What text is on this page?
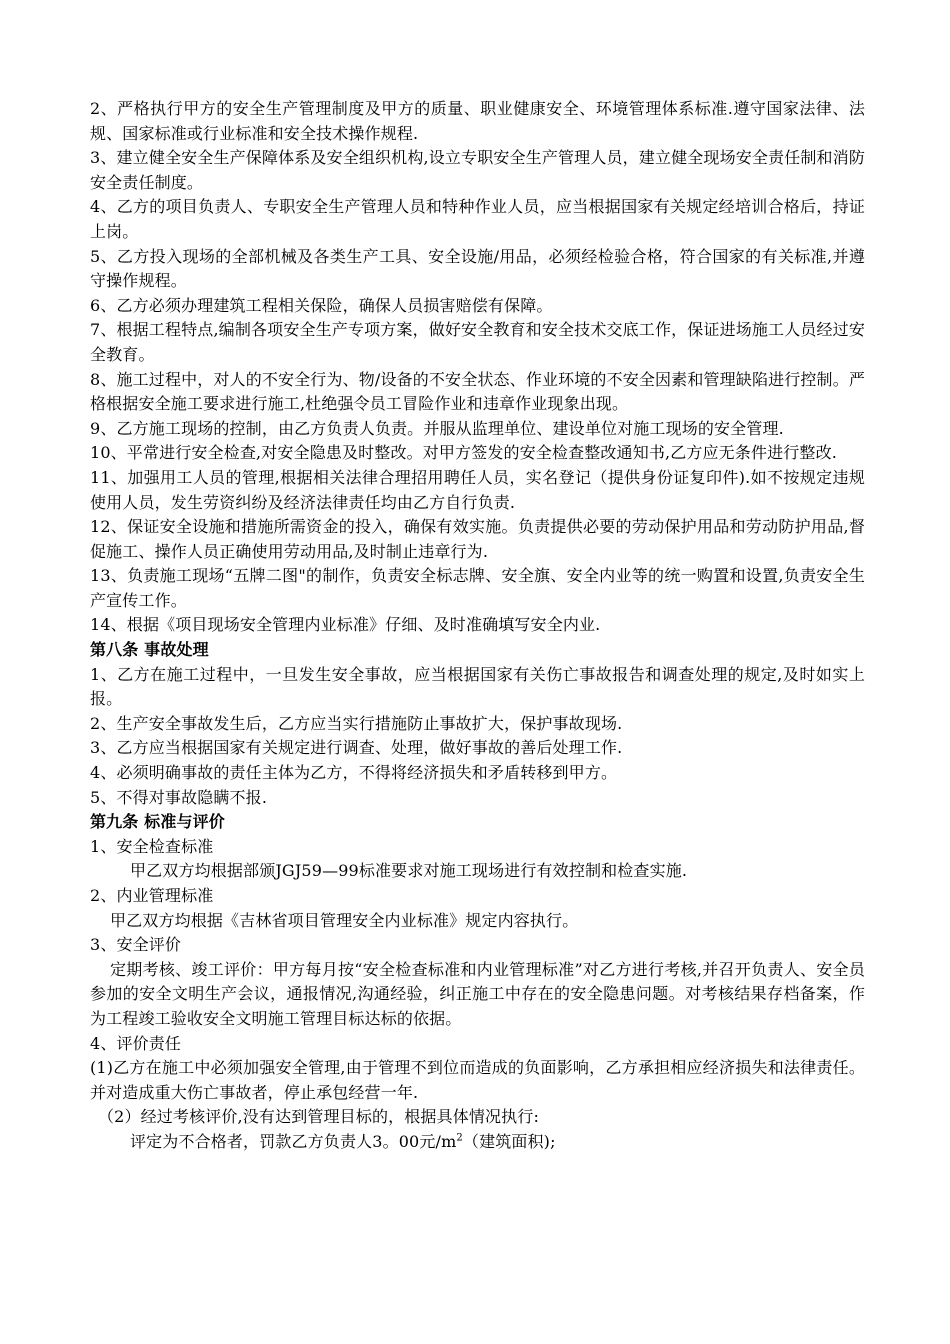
2、严格执行甲方的安全生产管理制度及甲方的质量、职业健康安全、环境管理体系标准.遵守国家法律、法规、国家标准或行业标准和安全技术操作规程.

3、建立健全安全生产保障体系及安全组织机构,设立专职安全生产管理人员，建立健全现场安全责任制和消防安全责任制度。

4、乙方的项目负责人、专职安全生产管理人员和特种作业人员，应当根据国家有关规定经培训合格后，持证上岗。

5、乙方投入现场的全部机械及各类生产工具、安全设施/用品，必须经检验合格，符合国家的有关标准,并遵守操作规程。

6、乙方必须办理建筑工程相关保险，确保人员损害赔偿有保障。

7、根据工程特点,编制各项安全生产专项方案，做好安全教育和安全技术交底工作，保证进场施工人员经过安全教育。

8、施工过程中，对人的不安全行为、物/设备的不安全状态、作业环境的不安全因素和管理缺陷进行控制。严格根据安全施工要求进行施工,杜绝强令员工冒险作业和违章作业现象出现。

9、乙方施工现场的控制，由乙方负责人负责。并服从监理单位、建设单位对施工现场的安全管理.

10、平常进行安全检查,对安全隐患及时整改。对甲方签发的安全检查整改通知书,乙方应无条件进行整改.

11、加强用工人员的管理,根据相关法律合理招用聘任人员，实名登记（提供身份证复印件).如不按规定违规使用人员，发生劳资纠纷及经济法律责任均由乙方自行负责.

12、保证安全设施和措施所需资金的投入，确保有效实施。负责提供必要的劳动保护用品和劳动防护用品,督促施工、操作人员正确使用劳动用品,及时制止违章行为.

13、负责施工现场“五牌二图"的制作，负责安全标志牌、安全旗、安全内业等的统一购置和设置,负责安全生产宣传工作。

14、根据《项目现场安全管理内业标准》仔细、及时准确填写安全内业.

第八条 事故处理

1、乙方在施工过程中，一旦发生安全事故，应当根据国家有关伤亡事故报告和调查处理的规定,及时如实上报。

2、生产安全事故发生后，乙方应当实行措施防止事故扩大，保护事故现场.

3、乙方应当根据国家有关规定进行调查、处理，做好事故的善后处理工作.

4、必须明确事故的责任主体为乙方，不得将经济损失和矛盾转移到甲方。

5、不得对事故隐瞒不报.

第九条 标准与评价

1、安全检查标准

甲乙双方均根据部颁JGJ59—99标准要求对施工现场进行有效控制和检查实施.

2、内业管理标准

甲乙双方均根据《吉林省项目管理安全内业标准》规定内容执行。

3、安全评价

定期考核、竣工评价：甲方每月按“安全检查标准和内业管理标准”对乙方进行考核,并召开负责人、安全员参加的安全文明生产会议，通报情况,沟通经验，纠正施工中存在的安全隐患问题。对考核结果存档备案，作为工程竣工验收安全文明施工管理目标达标的依据。

4、评价责任

(1)乙方在施工中必须加强安全管理,由于管理不到位而造成的负面影响，乙方承担相应经济损失和法律责任。并对造成重大伤亡事故者，停止承包经营一年.

（2）经过考核评价,没有达到管理目标的，根据具体情况执行:

评定为不合格者，罚款乙方负责人3。00元$/m^2$（建筑面积);
